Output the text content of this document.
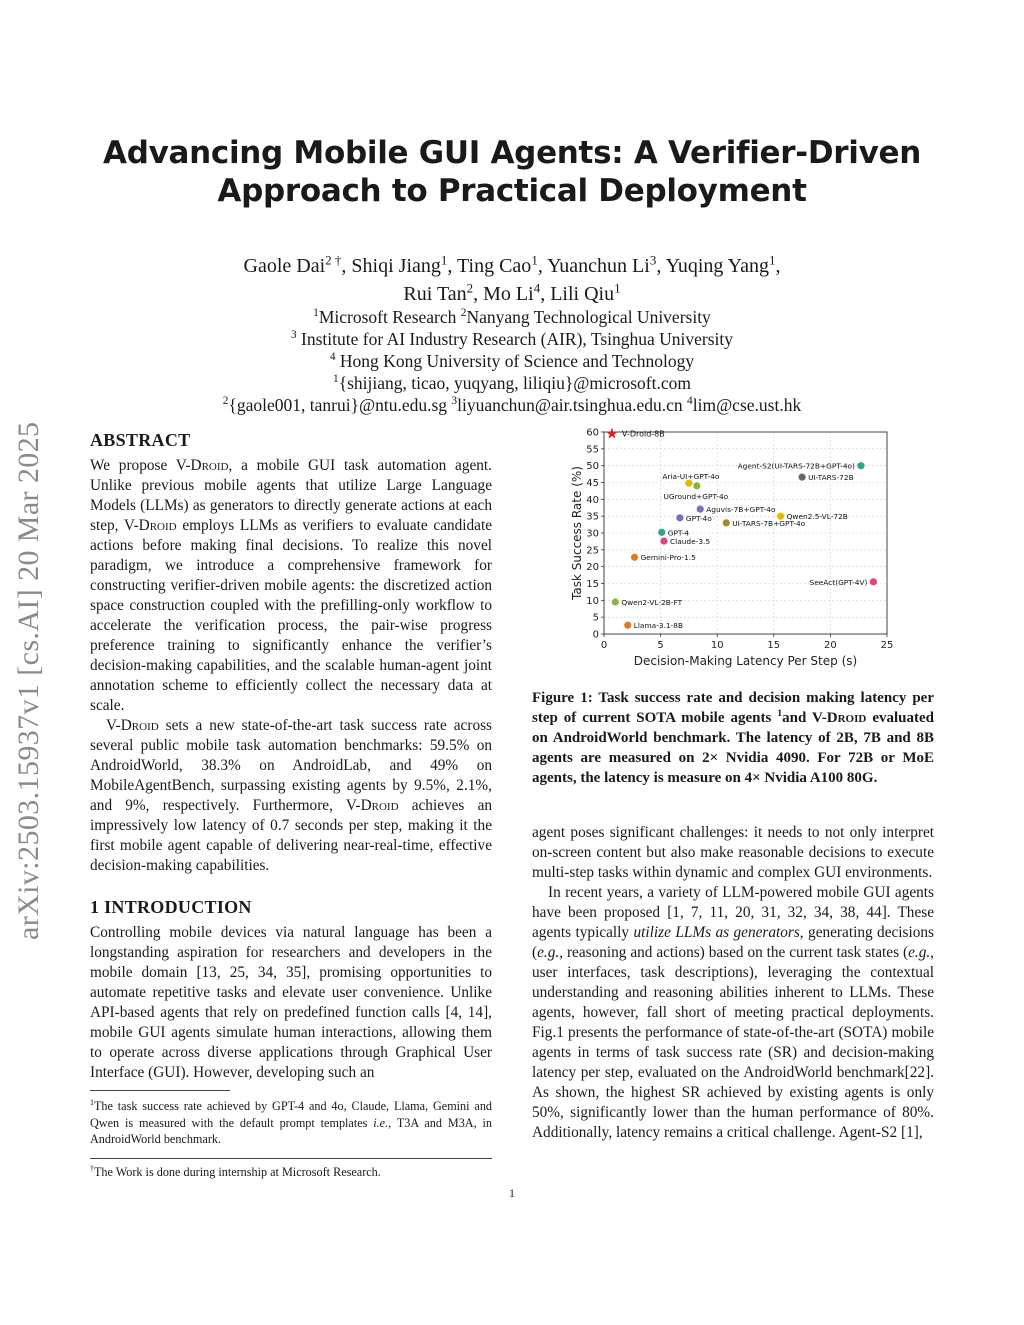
arXiv:2503.15937v1 [cs.AI] 20 Mar 2025
Advancing Mobile GUI Agents: A Verifier-Driven
Approach to Practical Deployment
Gaole Dai$^{2 \dagger}$, Shiqi Jiang$^1$, Ting Cao$^1$, Yuanchun Li$^3$, Yuqing Yang$^1$,
Rui Tan$^2$, Mo Li$^4$, Lili Qiu$^1$
$^1$Microsoft Research $^2$Nanyang Technological University
$^3$ Institute for AI Industry Research (AIR), Tsinghua University
$^4$ Hong Kong University of Science and Technology
$^1${shijiang, ticao, yuqyang, liliqiu}@microsoft.com
$^2${gaole001, tanrui}@ntu.edu.sg $^3$liyuanchun@air.tsinghua.edu.cn $^4$lim@cse.ust.hk
ABSTRACT

We propose V-Droid, a mobile GUI task automation agent. Unlike previous mobile agents that utilize Large Language Models (LLMs) as generators to directly generate actions at each step, V-Droid employs LLMs as verifiers to evaluate candidate actions before making final decisions. To realize this novel paradigm, we introduce a comprehensive framework for constructing verifier-driven mobile agents: the discretized action space construction coupled with the prefilling-only workflow to accelerate the verification process, the pair-wise progress preference training to significantly enhance the verifier’s decision-making capabilities, and the scalable human-agent joint annotation scheme to efficiently collect the necessary data at scale.

V-Droid sets a new state-of-the-art task success rate across several public mobile task automation benchmarks: 59.5% on AndroidWorld, 38.3% on AndroidLab, and 49% on MobileAgentBench, surpassing existing agents by 9.5%, 2.1%, and 9%, respectively. Furthermore, V-Droid achieves an impressively low latency of 0.7 seconds per step, making it the first mobile agent capable of delivering near-real-time, effective decision-making capabilities.

1 INTRODUCTION

Controlling mobile devices via natural language has been a longstanding aspiration for researchers and developers in the mobile domain [13, 25, 34, 35], promising opportunities to automate repetitive tasks and elevate user convenience. Unlike API-based agents that rely on predefined function calls [4, 14], mobile GUI agents simulate human interactions, allowing them to operate across diverse applications through Graphical User Interface (GUI). However, developing such an

$^1$The task success rate achieved by GPT-4 and 4o, Claude, Llama, Gemini and Qwen is measured with the default prompt templates i.e., T3A and M3A, in AndroidWorld benchmark.
†The Work is done during internship at Microsoft Research.
0
5
10
15
20
25
30
35
40
45
50
55
60
0	5	10	15	20	25
Decision-Making Latency Per Step (s)
Task Success Rate (%)
V-Droid-8B
Agent-S2(UI-TARS-72B+GPT-4o)
UI-TARS-72B
Aria-UI+GPT-4o
UGround+GPT-4o
Aguvis-7B+GPT-4o
GPT-4o	Qwen2.5-VL-72B
UI-TARS-7B+GPT-4o
GPT-4
Claude-3.5
Gemini-Pro-1.5
SeeAct(GPT-4V)
Qwen2-VL-2B-FT
Llama-3.1-8B
Figure 1: Task success rate and decision making latency per step of current SOTA mobile agents $^1$and V-Droid evaluated on AndroidWorld benchmark. The latency of 2B, 7B and 8B agents are measured on 2× Nvidia 4090. For 72B or MoE agents, the latency is measure on 4× Nvidia A100 80G.

agent poses significant challenges: it needs to not only interpret on-screen content but also make reasonable decisions to execute multi-step tasks within dynamic and complex GUI environments.

In recent years, a variety of LLM-powered mobile GUI agents have been proposed [1, 7, 11, 20, 31, 32, 34, 38, 44]. These agents typically utilize LLMs as generators, generating decisions (e.g., reasoning and actions) based on the current task states (e.g., user interfaces, task descriptions), leveraging the contextual understanding and reasoning abilities inherent to LLMs. These agents, however, fall short of meeting practical deployments. Fig.1 presents the performance of state-of-the-art (SOTA) mobile agents in terms of task success rate (SR) and decision-making latency per step, evaluated on the AndroidWorld benchmark[22]. As shown, the highest SR achieved by existing agents is only 50%, significantly lower than the human performance of 80%. Additionally, latency remains a critical challenge. Agent-S2 [1],

1
